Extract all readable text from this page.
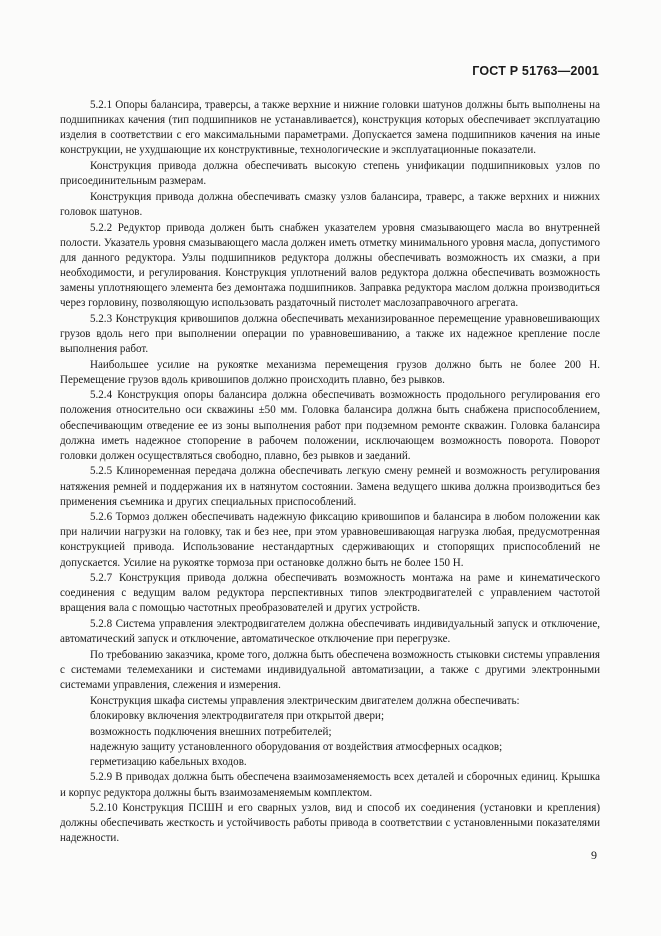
ГОСТ Р 51763—2001

5.2.1 Опоры балансира, траверсы, а также верхние и нижние головки шатунов должны быть выполнены на подшипниках качения (тип подшипников не устанавливается), конструкция которых обеспечивает эксплуатацию изделия в соответствии с его максимальными параметрами. Допускается замена подшипников качения на иные конструкции, не ухудшающие их конструктивные, технологические и эксплуатационные показатели.

Конструкция привода должна обеспечивать высокую степень унификации подшипниковых узлов по присоединительным размерам.

Конструкция привода должна обеспечивать смазку узлов балансира, траверс, а также верхних и нижних головок шатунов.

5.2.2 Редуктор привода должен быть снабжен указателем уровня смазывающего масла во внутренней полости. Указатель уровня смазывающего масла должен иметь отметку минимального уровня масла, допустимого для данного редуктора. Узлы подшипников редуктора должны обеспечивать возможность их смазки, а при необходимости, и регулирования. Конструкция уплотнений валов редуктора должна обеспечивать возможность замены уплотняющего элемента без демонтажа подшипников. Заправка редуктора маслом должна производиться через горловину, позволяющую использовать раздаточный пистолет маслозаправочного агрегата.

5.2.3 Конструкция кривошипов должна обеспечивать механизированное перемещение уравновешивающих грузов вдоль него при выполнении операции по уравновешиванию, а также их надежное крепление после выполнения работ.

Наибольшее усилие на рукоятке механизма перемещения грузов должно быть не более 200 Н. Перемещение грузов вдоль кривошипов должно происходить плавно, без рывков.

5.2.4 Конструкция опоры балансира должна обеспечивать возможность продольного регулирования его положения относительно оси скважины ±50 мм. Головка балансира должна быть снабжена приспособлением, обеспечивающим отведение ее из зоны выполнения работ при подземном ремонте скважин. Головка балансира должна иметь надежное стопорение в рабочем положении, исключающем возможность поворота. Поворот головки должен осуществляться свободно, плавно, без рывков и заеданий.

5.2.5 Клиноременная передача должна обеспечивать легкую смену ремней и возможность регулирования натяжения ремней и поддержания их в натянутом состоянии. Замена ведущего шкива должна производиться без применения съемника и других специальных приспособлений.

5.2.6 Тормоз должен обеспечивать надежную фиксацию кривошипов и балансира в любом положении как при наличии нагрузки на головку, так и без нее, при этом уравновешивающая нагрузка любая, предусмотренная конструкцией привода. Использование нестандартных сдерживающих и стопорящих приспособлений не допускается. Усилие на рукоятке тормоза при остановке должно быть не более 150 Н.

5.2.7 Конструкция привода должна обеспечивать возможность монтажа на раме и кинематического соединения с ведущим валом редуктора перспективных типов электродвигателей с управлением частотой вращения вала с помощью частотных преобразователей и других устройств.

5.2.8 Система управления электродвигателем должна обеспечивать индивидуальный запуск и отключение, автоматический запуск и отключение, автоматическое отключение при перегрузке.

По требованию заказчика, кроме того, должна быть обеспечена возможность стыковки системы управления с системами телемеханики и системами индивидуальной автоматизации, а также с другими электронными системами управления, слежения и измерения.

Конструкция шкафа системы управления электрическим двигателем должна обеспечивать:

блокировку включения электродвигателя при открытой двери;

возможность подключения внешних потребителей;

надежную защиту установленного оборудования от воздействия атмосферных осадков;

герметизацию кабельных входов.

5.2.9 В приводах должна быть обеспечена взаимозаменяемость всех деталей и сборочных единиц. Крышка и корпус редуктора должны быть взаимозаменяемым комплектом.

5.2.10 Конструкция ПСШН и его сварных узлов, вид и способ их соединения (установки и крепления) должны обеспечивать жесткость и устойчивость работы привода в соответствии с установленными показателями надежности.

9
